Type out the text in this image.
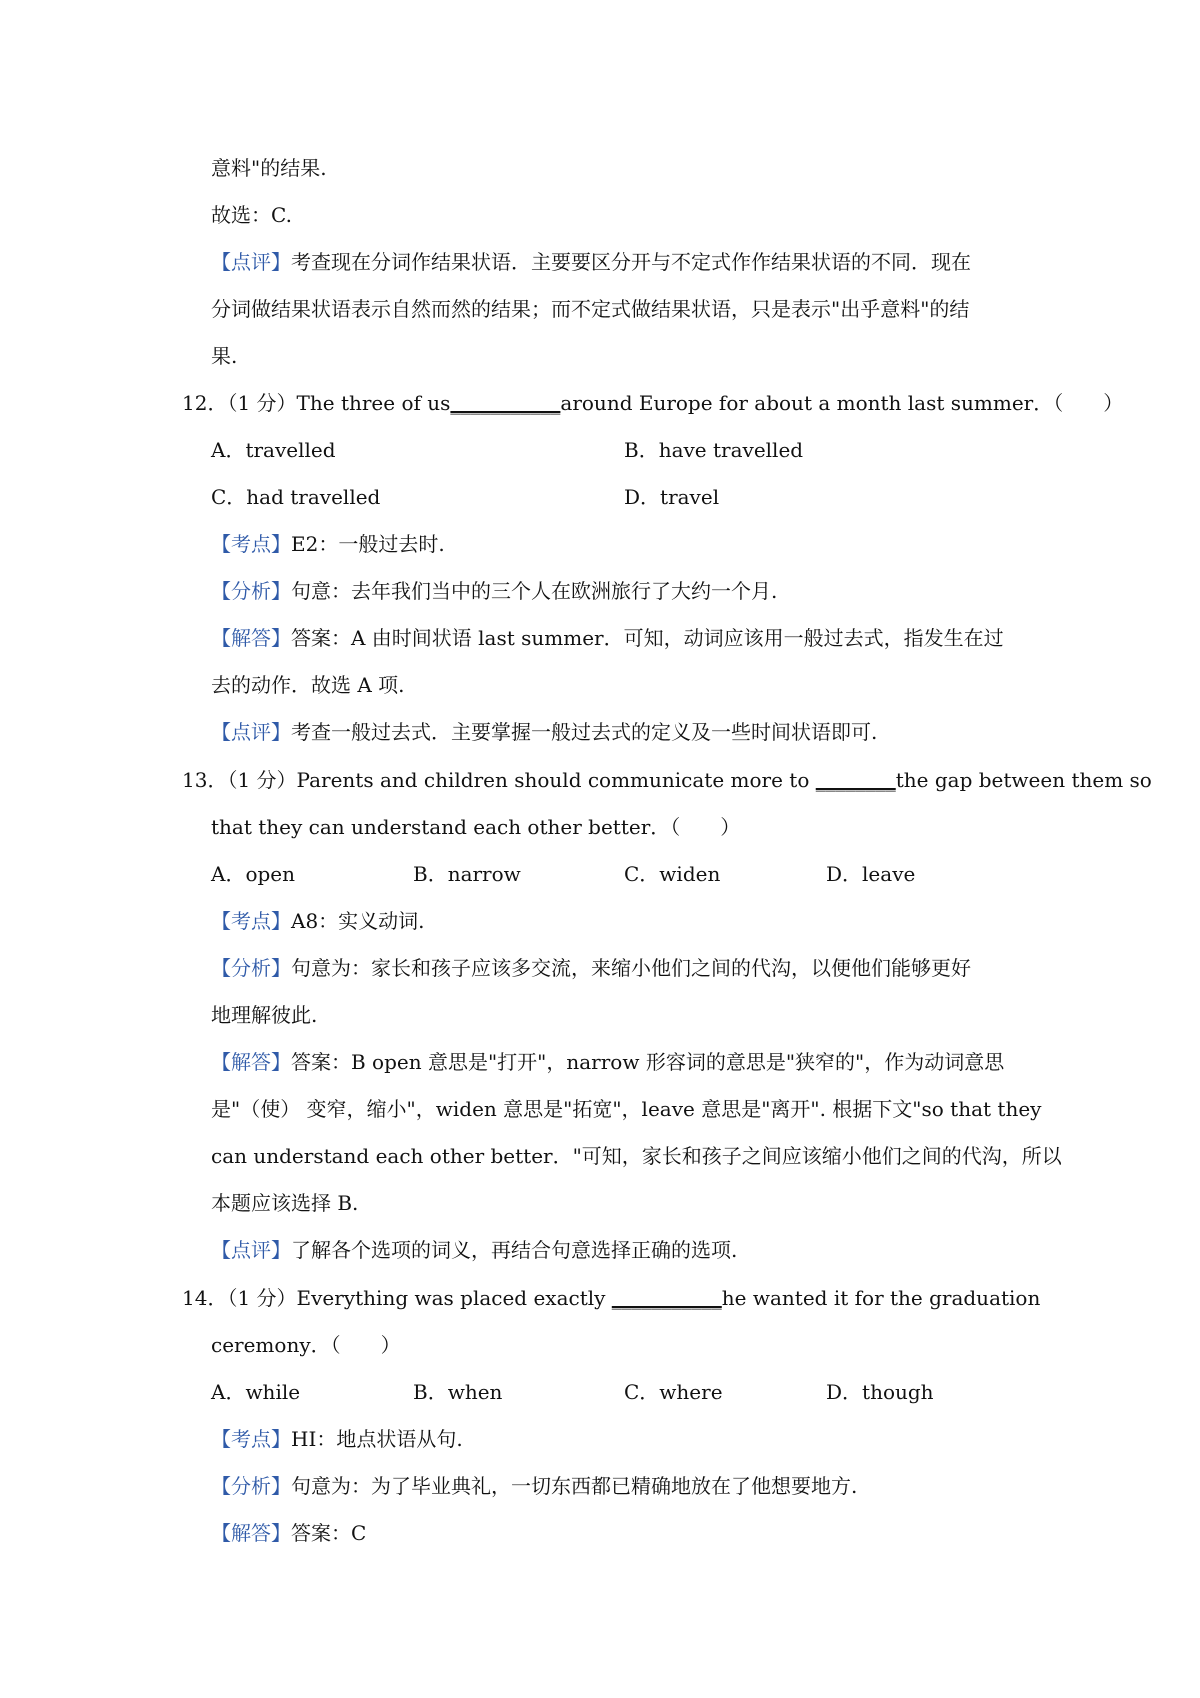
意料"的结果.
故选：C.
【点评】考查现在分词作结果状语．主要要区分开与不定式作作结果状语的不同．现在
分词做结果状语表示自然而然的结果；而不定式做结果状语，只是表示"出乎意料"的结
果.
12．（1 分）The three of us___________around Europe for about a month last summer．（　　）
A．travelled	B．have travelled
C．had travelled	D．travel
【考点】E2：一般过去时.
【分析】句意：去年我们当中的三个人在欧洲旅行了大约一个月.
【解答】答案：A 由时间状语 last summer．可知，动词应该用一般过去式，指发生在过
去的动作．故选 A 项.
【点评】考查一般过去式．主要掌握一般过去式的定义及一些时间状语即可.
13．（1 分）Parents and children should communicate more to ________the gap between them so
that they can understand each other better．（　　）
A．open	B．narrow	C．widen	D．leave
【考点】A8：实义动词.
【分析】句意为：家长和孩子应该多交流，来缩小他们之间的代沟，以便他们能够更好
地理解彼此.
【解答】答案：B open 意思是"打开"，narrow 形容词的意思是"狭窄的"，作为动词意思
是"（使） 变窄，缩小"，widen 意思是"拓宽"，leave 意思是"离开". 根据下文"so that they
can understand each other better．"可知，家长和孩子之间应该缩小他们之间的代沟，所以
本题应该选择 B.
【点评】了解各个选项的词义，再结合句意选择正确的选项.
14．（1 分）Everything was placed exactly ___________he wanted it for the graduation
ceremony．（　　）
A．while	B．when	C．where	D．though
【考点】HI：地点状语从句.
【分析】句意为：为了毕业典礼，一切东西都已精确地放在了他想要地方.
【解答】答案：C
